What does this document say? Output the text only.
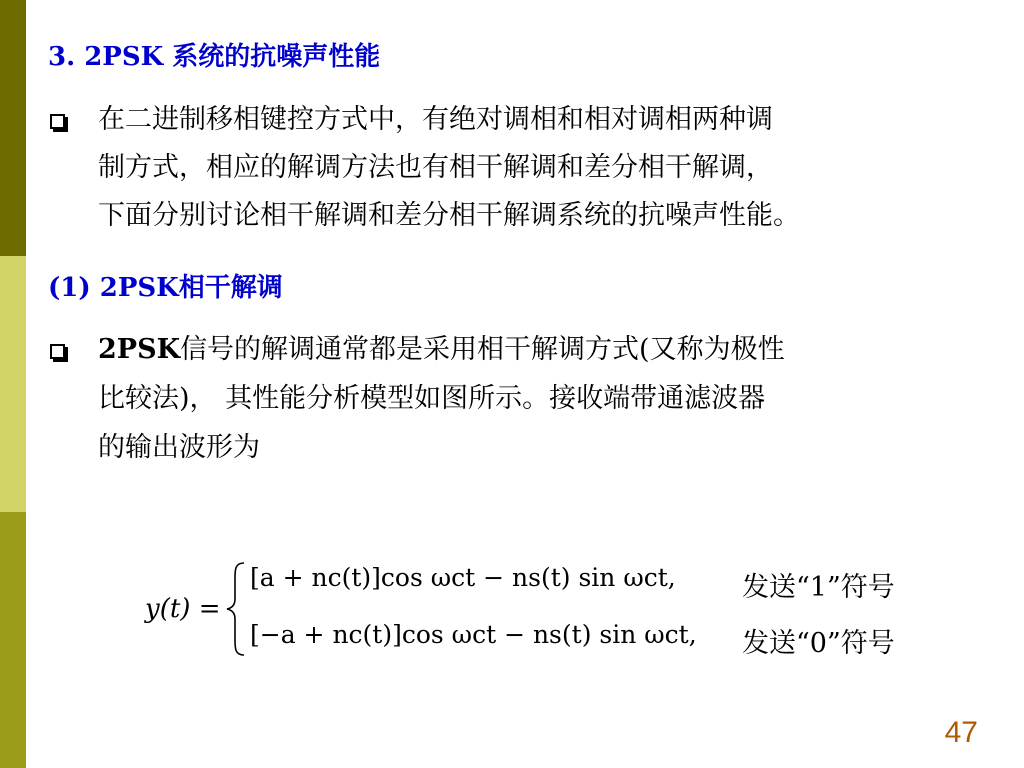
3. 2PSK 系统的抗噪声性能
在二进制移相键控方式中，有绝对调相和相对调相两种调
制方式，相应的解调方法也有相干解调和差分相干解调，
下面分别讨论相干解调和差分相干解调系统的抗噪声性能。
(1) 2PSK相干解调
2PSK信号的解调通常都是采用相干解调方式(又称为极性
比较法)， 其性能分析模型如图所示。接收端带通滤波器
的输出波形为
y(t) =
[a + nc(t)]cos ωct − ns(t) sin ωct,
[−a + nc(t)]cos ωct − ns(t) sin ωct,
发送“1”符号
发送“0”符号
47
